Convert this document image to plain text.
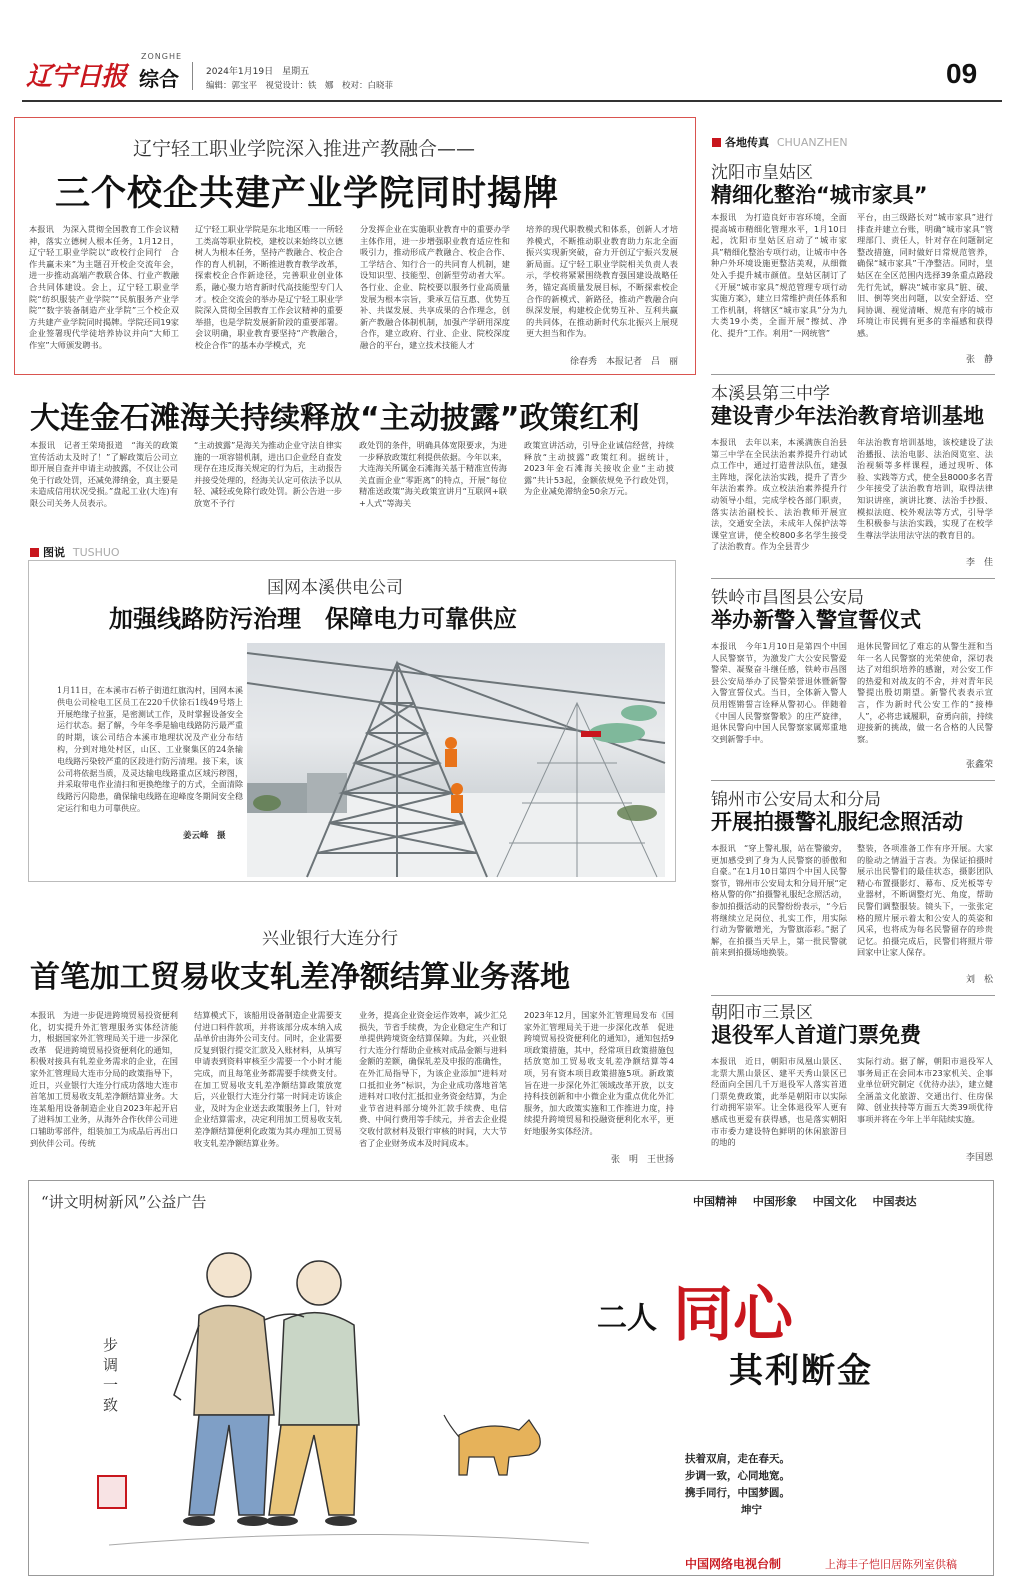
辽宁日报
ZONGHE
综合	2024年1月19日　星期五
编辑：郭宝平　视觉设计：铁　娜　校对：白晓菲	09
辽宁轻工职业学院深入推进产教融合——
三个校企共建产业学院同时揭牌
本报讯　为深入贯彻全国教育工作会议精神，落实立德树人根本任务，1月12日，辽宁轻工职业学院以“政校行企同行　合作共赢未来”为主题召开校企交流年会，进一步推动高端产教联合体、行业产教融合共同体建设。会上，辽宁轻工职业学院“纺织服装产业学院”“民航服务产业学院”“数字装备制造产业学院”三个校企双方共建产业学院同时揭牌。学院还同19家企业签署现代学徒培养协议并向“大师工作室”大师颁发聘书。
辽宁轻工职业学院是东北地区唯一一所轻工类高等职业院校，建校以来始终以立德树人为根本任务，坚持产教融合、校企合作的育人机制，不断推进教育教学改革，探索校企合作新途径，完善职业创业体系，融心聚力培育新时代高技能型专门人才。校企交流会的举办是辽宁轻工职业学院深入贯彻全国教育工作会议精神的重要举措，也是学院发展新阶段的重要部署。会议明确，职业教育要坚持“产教融合，校企合作”的基本办学模式，充
分发挥企业在实施职业教育中的重要办学主体作用，进一步增强职业教育适应性和吸引力，推动形成产教融合、校企合作、工学结合、知行合一的共同育人机制，建设知识型、技能型、创新型劳动者大军。各行业、企业、院校要以服务行业高质量发展为根本宗旨，秉承互信互惠、优势互补、共谋发展、共享成果的合作理念，创新产教融合体制机制，加强产学研用深度合作，建立政府、行业、企业、院校深度融合的平台，建立技术技能人才
培养的现代职教模式和体系，创新人才培养模式，不断推动职业教育助力东北全面振兴实现新突破，奋力开创辽宁振兴发展新局面。辽宁轻工职业学院相关负责人表示，学校将紧紧围绕教育强国建设战略任务，锚定高质量发展目标，不断探索校企合作的新模式、新路径，推动产教融合向纵深发展，构建校企优势互补、互利共赢的共同体，在推动新时代东北振兴上展现更大担当和作为。
徐春秀　本报记者　吕　丽
大连金石滩海关持续释放“主动披露”政策红利
本报讯　记者王荣琦报道　“海关的政策宣传活动太及时了！”了解政策后公司立即开展自查并申请主动披露，不仅让公司免于行政处罚，还减免滞纳金，真主要是未造成信用状况受损。”盘起工业(大连)有限公司关务人员表示。
“主动披露”是海关为推动企业守法自律实施的一项容错机制，进出口企业经自查发现存在违反海关规定的行为后，主动报告并接受处理的，经海关认定可依法予以从轻、减轻或免除行政处罚。新公告进一步放宽不予行
政处罚的条件，明确具体宽限要求，为进一步释放政策红利提供依据。今年以来，大连海关所属金石滩海关基于精准宣传海关直面企业“零距离”的特点，开展“每位精准送政策”海关政策宣讲月“互联网+联+人式”等海关
政策宣讲活动，引导企业诚信经营，持续释放“主动披露”政策红利。据统计，2023年金石滩海关接收企业“主动披露”共计53起，金额依规免予行政处罚，为企业减免滞纳金50余万元。
图说 TUSHUO
国网本溪供电公司
加强线路防污治理　保障电力可靠供应
1月11日，在本溪市石桥子街道红旗沟村，国网本溪供电公司检电工区员工在220千伏徐石1线49号塔上开展绝缘子拉蛋，是密测试工作，及时掌握设备安全运行状态。据了解，今年冬季是输电线路防污最严重的时期，该公司结合本溪市地理状况及产业分布结构，分到对地处村区，山区、工业聚集区的24条输电线路污染较严重的区段进行防污清理。接下来，该公司将依据当质，及灵达输电线路重点区域污秽图，并采取带电作业清扫和更换绝缘子的方式，全面清除线路污闪隐患，确保输电线路在迎峰度冬期间安全稳定运行和电力可靠供应。
姜云峰　摄
兴业银行大连分行
首笔加工贸易收支轧差净额结算业务落地
本报讯　为进一步促进跨境贸易投资便利化，切实提升外汇管理服务实体经济能力，根据国家外汇管理局关于进一步深化改革　促进跨境贸易投资便利化的通知，积极对接具有轧差业务需求的企业，在国家外汇管理局大连市分局的政策指导下，近日，兴业银行大连分行成功落地大连市首笔加工贸易收支轧差净额结算业务。大连某船用设备制造企业自2023年起开启了进料加工业务，从海外合作伙伴公司进口辅助零部件，组装加工为成品后再出口到伙伴公司。传统
结算模式下，该船用设备制造企业需要支付进口料件款项，并将该部分成本纳入成品单价由海外公司支付。同时，企业需要反复到银行提交汇款及入账材料，从填写申请表到资料审核至少需要一个小时才能完成，而且每笔业务都需要手续费支付。在加工贸易收支轧差净额结算政策放宽后，兴业银行大连分行第一时间走访该企业，及时为企业送去政策服务上门，针对企业结算需求，决定利用加工贸易收支轧差净额结算便利化政策为其办理加工贸易收支轧差净额结算业务。
业务，提高企业资金运作效率，减少汇兑损失，节省手续费，为企业稳定生产和订单提供跨境资金结算保障。为此，兴业银行大连分行帮助企业核对成品金额与进料金额的差额，确保轧差及申报的准确性，在外汇局指导下，为该企业添加“进料对口抵扣业务”标识，为企业成功落地首笔进料对口收付汇抵扣业务资金结算，为企业节省进料部分境外汇款手续费、电信费、中间行费用等手续元，并省去企业提交收付款材料及银行审核的时间，大大节省了企业财务成本及时间成本。
2023年12月，国家外汇管理局发布《国家外汇管理局关于进一步深化改革　促进跨境贸易投资便利化的通知》，通知包括9项政策措施，其中，经常项目政策措施包括放宽加工贸易收支轧差净额结算等4项，另有资本项目政策措施5项。新政策旨在进一步深化外汇领域改革开放，以支持科技创新和中小微企业为重点优化外汇服务，加大政策实施和工作推进力度，持续提升跨境贸易和投融资便利化水平，更好地服务实体经济。
张　明　王世扬
各地传真 CHUANZHEN
沈阳市皇姑区
精细化整治“城市家具”
本报讯　为打造良好市容环境，全面提高城市精细化管理水平，1月10日起，沈阳市皇姑区启动了“城市家具”精细化整治专项行动，让城市中各种户外环境设施更整洁美观，从细微处入手提升城市颜值。皇姑区制订了《开展“城市家具”规范管理专项行动实施方案》，建立日常维护责任体系和工作机制，将辖区“城市家具”分为九大类19小类，全面开展“擦拭、净化、提升”工作。利用“一网统管”
平台，由三级路长对“城市家具”进行排查并建立台账，明确“城市家具”管理部门、责任人，针对存在问题制定整改措施，同时做好日常规范管养，确保“城市家具”干净整洁。同时，皇姑区在全区范围内选择39条重点路段先行先试，解决“城市家具”脏、破、旧、倒等突出问题，以安全舒适、空间协调、视觉清晰、规范有序的城市环境让市民拥有更多的幸福感和获得感。
张　静
本溪县第三中学
建设青少年法治教育培训基地
本报讯　去年以来，本溪满族自治县第三中学在全民法治素养提升行动试点工作中，通过打造普法队伍，建强主阵地，深化法治实践，提升了青少年法治素养。成立校法治素养提升行动领导小组，完成学校各部门职责，落实法治副校长、法治教师开展宣法，交通安全法，未成年人保护法等课堂宣讲，使全校800多名学生接受了法治教育。作为全县青少
年法治教育培训基地，该校建设了法治播报、法治电影、法治阅览室、法治视频等多样课程，通过现听、体验、实践等方式，使全县8000多名青少年接受了法治教育培训，取得法律知识讲座，演讲比赛、法治手抄报、模拟法庭、校外观法等方式，引导学生积极参与法治实践，实现了在校学生尊法学法用法守法的教育目的。
李　佳
铁岭市昌图县公安局
举办新警入警宣誓仪式
本报讯　今年1月10日是第四个中国人民警察节，为激发广大公安民警爱警荣、凝聚奋斗继任感，铁岭市昌图县公安局举办了民警荣誉退休暨新警入警宣誓仪式。当日，全体新入警人员用铿锵誓言诠释从警初心。伴随着《中国人民警察警歌》的庄严旋律，退休民警向中国人民警察家属郑重地交到新警手中。
退休民警回忆了难忘的从警生涯和当年一名人民警察的光荣使命，深切表达了对组织培养的感谢，对公安工作的热爱和对战友的不舍，并对青年民警提出殷切期望。新警代表表示宣言，作为新时代公安工作的“接棒人”，必将忠诚履职，奋勇向前，持续迎接新的挑战，做一名合格的人民警察。
张鑫荣
锦州市公安局太和分局
开展拍摄警礼服纪念照活动
本报讯　“穿上警礼服，站在警徽旁，更加感受到了身为人民警察的骄傲和自豪。”在1月10日第四个中国人民警察节，锦州市公安局太和分局开展“定格从警的你”拍摄警礼服纪念照活动，参加拍摄活动的民警纷纷表示，“今后将继续立足岗位、扎实工作，用实际行动为警徽增光，为警旗添彩。”据了解，在拍摄当天早上，第一批民警就前来到拍摄场地换装。
整装，各项准备工作有序开展。大家的脸动之情溢于言表。为保证拍摄时展示出民警们的最佳状态，摄影团队精心布置摄影灯、幕布、反光板等专业器材，不断调整灯光、角度，帮助民警们调整服装。镜头下，一张张定格的照片展示着太和公安人的英姿和风采，也将成为每名民警留存的珍贵记忆。拍摄完成后，民警们将照片带回家中让家人保存。
刘　松
朝阳市三景区
退役军人首道门票免费
本报讯　近日，朝阳市凤凰山景区、北票大黑山景区、建平天秀山景区已经面向全国几千万退役军人落实首道门票免费政策，此举是朝阳市以实际行动拥军崇军。让全体退役军人更有感成也更爱有获得感，也是落实朝阳市市委力建设特色鲜明的休闲旅游目的地的
实际行动。据了解，朝阳市退役军人事务局正在会同本市23家机关、企事业单位研究制定《优待办法》，建立健全涵盖文化旅游、交通出行、住房保障、创业扶持等方面五大类39项优待事项并将在今年上半年陆续实施。
李国恩
“讲文明树新风”公益广告	中国精神 中国形象 中国文化 中国表达
步调一致
二人 同心
其利断金
扶着双肩，走在春天。
步调一致，心同地宽。
携手同行，中国梦圆。
坤宁
中国网络电视台制	上海丰子恺旧居陈列室供稿
